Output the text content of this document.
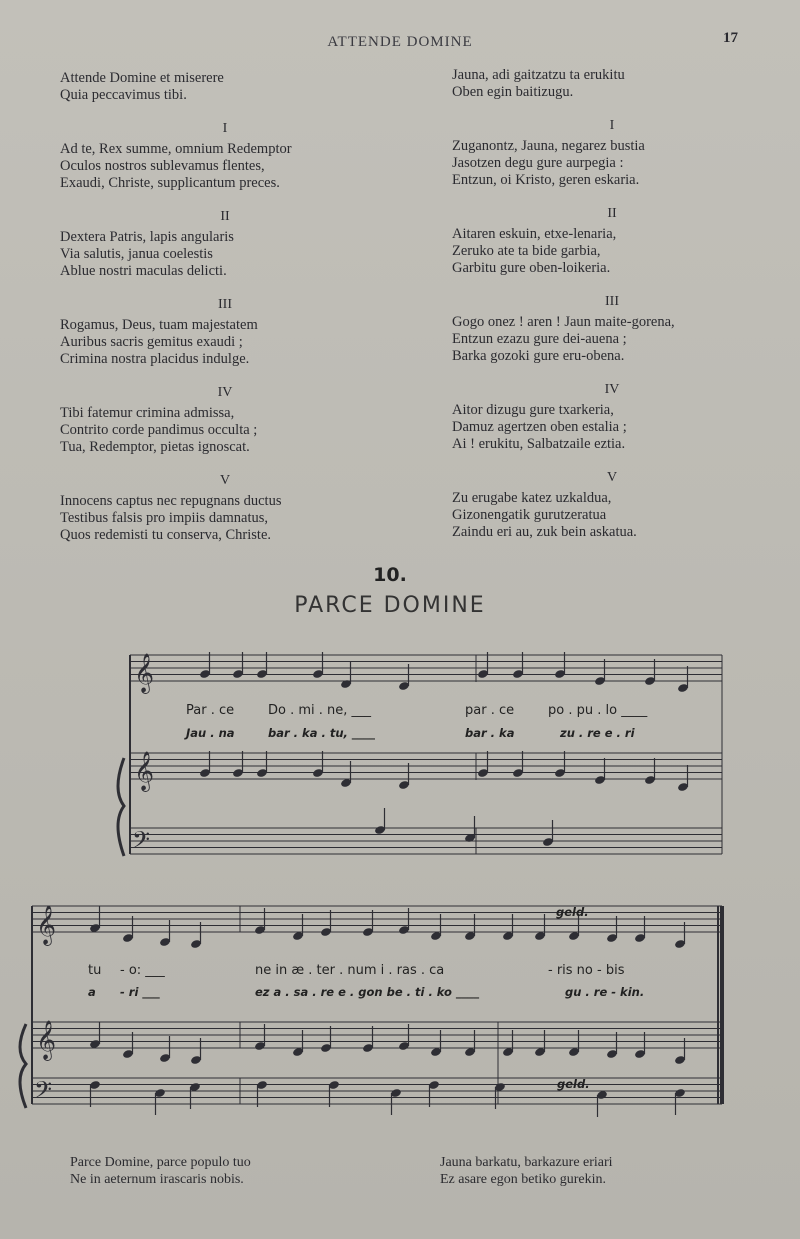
ATTENDE DOMINE	17
Attende Domine et miserere
Quia peccavimus tibi.
I
Ad te, Rex summe, omnium Redemptor
Oculos nostros sublevamus flentes,
Exaudi, Christe, supplicantum preces.
II
Dextera Patris, lapis angularis
Via salutis, janua coelestis
Ablue nostri maculas delicti.
III
Rogamus, Deus, tuam majestatem
Auribus sacris gemitus exaudi ;
Crimina nostra placidus indulge.
IV
Tibi fatemur crimina admissa,
Contrito corde pandimus occulta ;
Tua, Redemptor, pietas ignoscat.
V
Innocens captus nec repugnans ductus
Testibus falsis pro impiis damnatus,
Quos redemisti tu conserva, Christe.
Jauna, adi gaitzatzu ta erukitu
Oben egin baitizugu.
I
Zuganontz, Jauna, negarez bustia
Jasotzen degu gure aurpegia :
Entzun, oi Kristo, geren eskaria.
II
Aitaren eskuin, etxe-lenaria,
Zeruko ate ta bide garbia,
Garbitu gure oben-loikeria.
III
Gogo onez ! aren ! Jaun maite-gorena,
Entzun ezazu gure dei-auena ;
Barka gozoki gure eru-obena.
IV
Aitor dizugu gure txarkeria,
Damuz agertzen oben estalia ;
Ai ! erukitu, Salbatzaile eztia.
V
Zu erugabe katez uzkaldua,
Gizonengatik gurutzeratua
Zaindu eri au, zuk bein askatua.
10.
PARCE DOMINE
𝄞
𝄞
𝄢
𝄞
𝄞
𝄢
Par . ce	Do . mi . ne, ___	par . ce	po . pu . lo ____
Jau . na	bar . ka . tu, ____	bar . ka	zu . re e . ri
tu - o: ___	ne in æ . ter . num i . ras . ca	- ris no - bis
a - ri ___	ez a . sa . re e . gon be . ti . ko ____	gu . re - kin.
geld.
geld.
Parce Domine, parce populo tuo
Ne in aeternum irascaris nobis.
Jauna barkatu, barkazure eriari
Ez asare egon betiko gurekin.
